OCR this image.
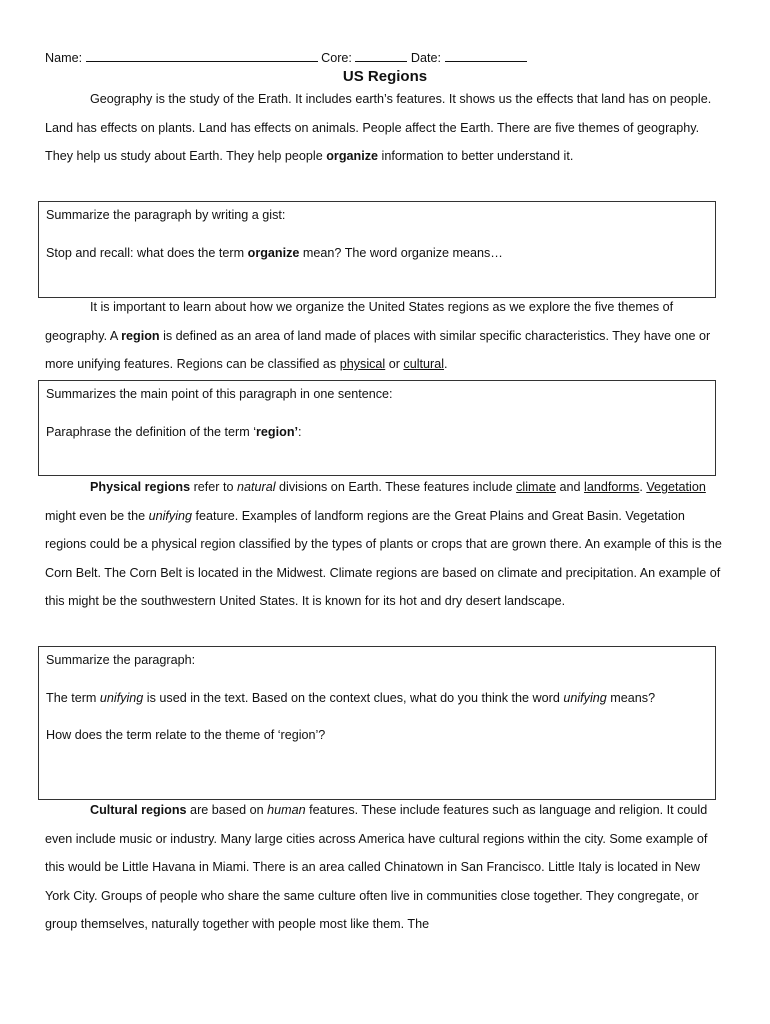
Name:	Core:	Date:
US Regions
Geography is the study of the Erath. It includes earth’s features. It shows us the effects that land has on people. Land has effects on plants. Land has effects on animals. People affect the Earth. There are five themes of geography. They help us study about Earth. They help people organize information to better understand it.

Summarize the paragraph by writing a gist:

Stop and recall: what does the term organize mean? The word organize means…

It is important to learn about how we organize the United States regions as we explore the five themes of geography. A region is defined as an area of land made of places with similar specific characteristics. They have one or more unifying features. Regions can be classified as physical or cultural.

Summarizes the main point of this paragraph in one sentence:

Paraphrase the definition of the term ‘region’:

Physical regions refer to natural divisions on Earth. These features include climate and landforms. Vegetation might even be the unifying feature. Examples of landform regions are the Great Plains and Great Basin. Vegetation regions could be a physical region classified by the types of plants or crops that are grown there. An example of this is the Corn Belt. The Corn Belt is located in the Midwest. Climate regions are based on climate and precipitation. An example of this might be the southwestern United States. It is known for its hot and dry desert landscape.

Summarize the paragraph:

The term unifying is used in the text. Based on the context clues, what do you think the word unifying means?

How does the term relate to the theme of ‘region’?

Cultural regions are based on human features. These include features such as language and religion. It could even include music or industry. Many large cities across America have cultural regions within the city. Some example of this would be Little Havana in Miami. There is an area called Chinatown in San Francisco. Little Italy is located in New York City. Groups of people who share the same culture often live in communities close together. They congregate, or group themselves, naturally together with people most like them. The
